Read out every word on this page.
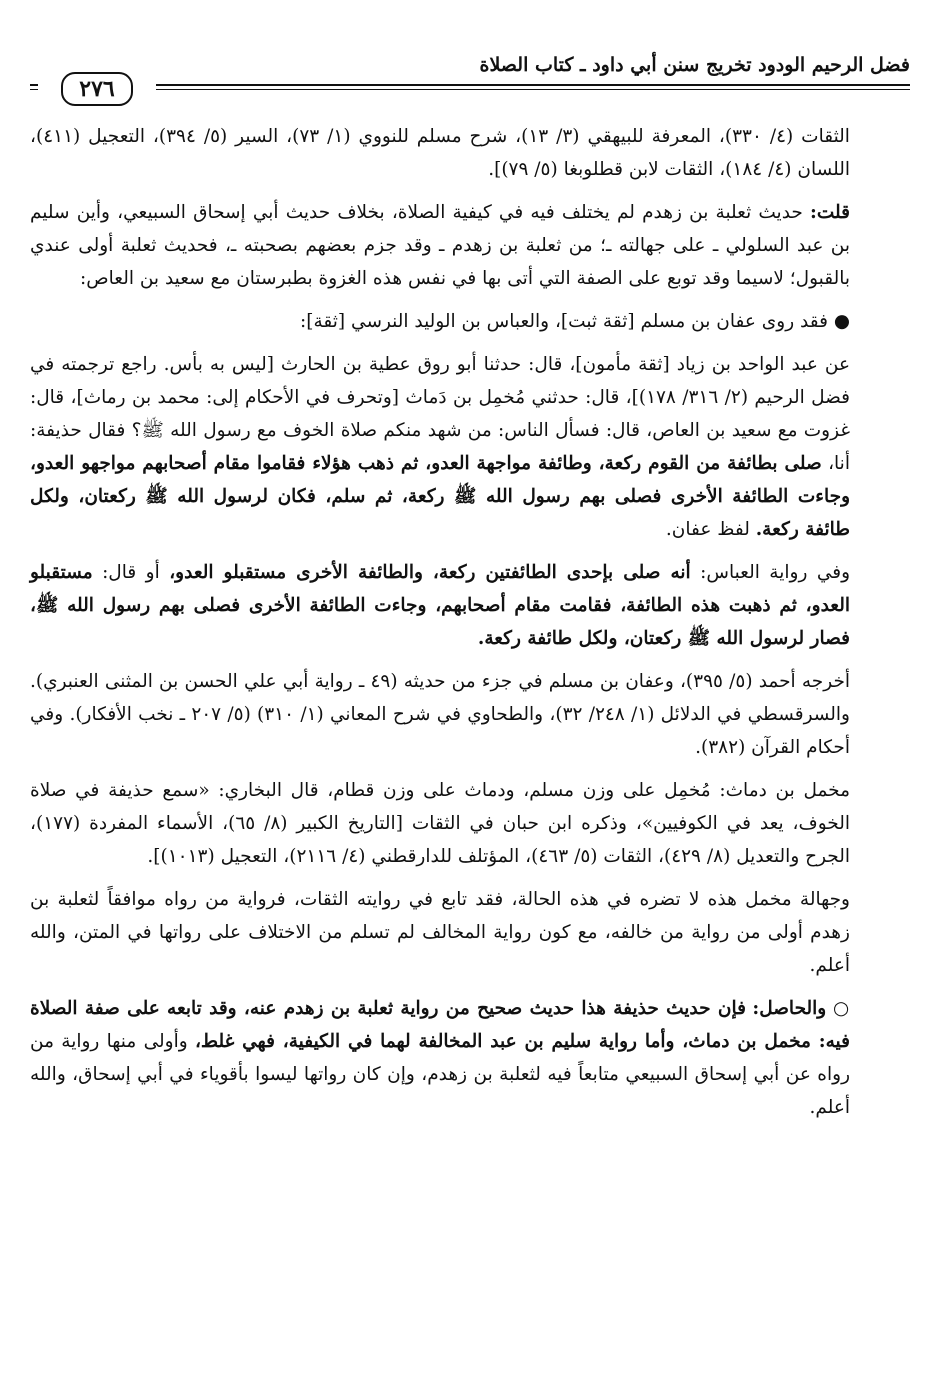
فضل الرحيم الودود تخريج سنن أبي داود ـ كتاب الصلاة
٢٧٦

الثقات (٤/ ٣٣٠)، المعرفة للبيهقي (٣/ ١٣)، شرح مسلم للنووي (١/ ٧٣)، السير (٥/ ٣٩٤)، التعجيل (٤١١)، اللسان (٤/ ١٨٤)، الثقات لابن قطلوبغا (٥/ ٧٩)].

قلت: حديث ثعلبة بن زهدم لم يختلف فيه في كيفية الصلاة، بخلاف حديث أبي إسحاق السبيعي، وأين سليم بن عبد السلولي ـ على جهالته ـ؛ من ثعلبة بن زهدم ـ وقد جزم بعضهم بصحبته ـ، فحديث ثعلبة أولى عندي بالقبول؛ لاسيما وقد توبع على الصفة التي أتى بها في نفس هذه الغزوة بطبرستان مع سعيد بن العاص:

● فقد روى عفان بن مسلم [ثقة ثبت]، والعباس بن الوليد النرسي [ثقة]:

عن عبد الواحد بن زياد [ثقة مأمون]، قال: حدثنا أبو روق عطية بن الحارث [ليس به بأس. راجع ترجمته في فضل الرحيم (٢/ ٣١٦/ ١٧٨)]، قال: حدثني مُخمِل بن دَماث [وتحرف في الأحكام إلى: محمد بن رماث]، قال: غزوت مع سعيد بن العاص، قال: فسأل الناس: من شهد منكم صلاة الخوف مع رسول الله ﷺ؟ فقال حذيفة: أنا، صلى بطائفة من القوم ركعة، وطائفة مواجهة العدو، ثم ذهب هؤلاء فقاموا مقام أصحابهم مواجهو العدو، وجاءت الطائفة الأخرى فصلى بهم رسول الله ﷺ ركعة، ثم سلم، فكان لرسول الله ﷺ ركعتان، ولكل طائفة ركعة. لفظ عفان.

وفي رواية العباس: أنه صلى بإحدى الطائفتين ركعة، والطائفة الأخرى مستقبلو العدو، أو قال: مستقبلو العدو، ثم ذهبت هذه الطائفة، فقامت مقام أصحابهم، وجاءت الطائفة الأخرى فصلى بهم رسول الله ﷺ، فصار لرسول الله ﷺ ركعتان، ولكل طائفة ركعة.

أخرجه أحمد (٥/ ٣٩٥)، وعفان بن مسلم في جزء من حديثه (٤٩ ـ رواية أبي علي الحسن بن المثنى العنبري). والسرقسطي في الدلائل (١/ ٢٤٨/ ٣٢)، والطحاوي في شرح المعاني (١/ ٣١٠) (٥/ ٢٠٧ ـ نخب الأفكار). وفي أحكام القرآن (٣٨٢).

مخمل بن دماث: مُخمِل على وزن مسلم، ودماث على وزن قطام، قال البخاري: «سمع حذيفة في صلاة الخوف، يعد في الكوفيين»، وذكره ابن حبان في الثقات [التاريخ الكبير (٨/ ٦٥)، الأسماء المفردة (١٧٧)، الجرح والتعديل (٨/ ٤٢٩)، الثقات (٥/ ٤٦٣)، المؤتلف للدارقطني (٤/ ٢١١٦)، التعجيل (١٠١٣)].

وجهالة مخمل هذه لا تضره في هذه الحالة، فقد تابع في روايته الثقات، فرواية من رواه موافقاً لثعلبة بن زهدم أولى من رواية من خالفه، مع كون رواية المخالف لم تسلم من الاختلاف على رواتها في المتن، والله أعلم.

○ والحاصل: فإن حديث حذيفة هذا حديث صحيح من رواية ثعلبة بن زهدم عنه، وقد تابعه على صفة الصلاة فيه: مخمل بن دماث، وأما رواية سليم بن عبد المخالفة لهما في الكيفية، فهي غلط، وأولى منها رواية من رواه عن أبي إسحاق السبيعي متابعاً فيه لثعلبة بن زهدم، وإن كان رواتها ليسوا بأقوياء في أبي إسحاق، والله أعلم.
